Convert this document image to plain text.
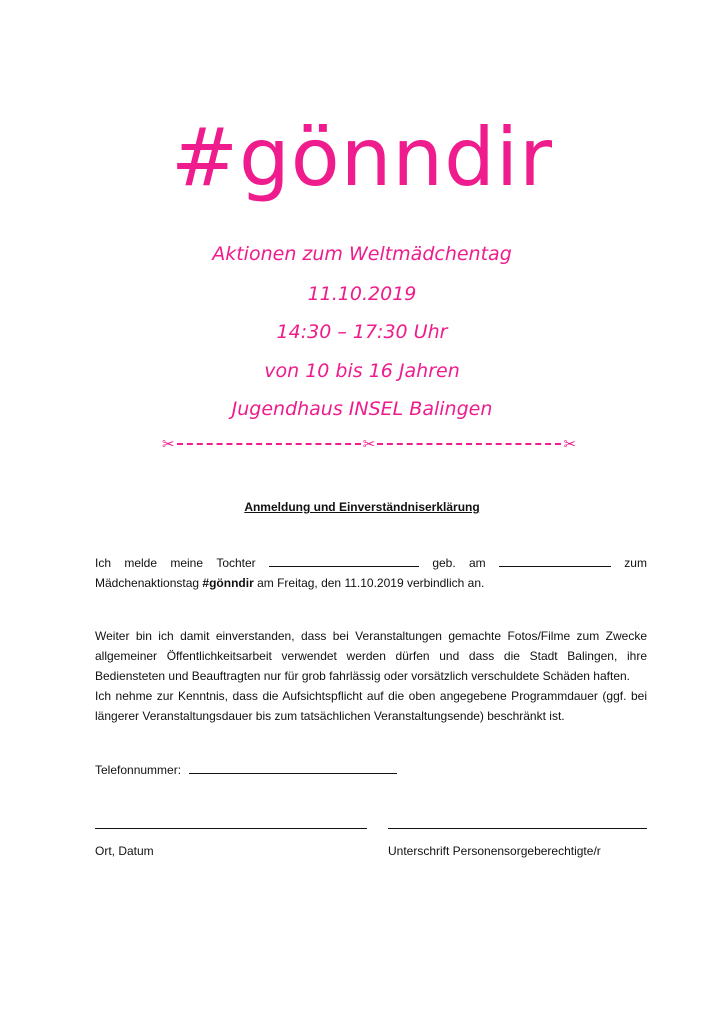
#gönndir
Aktionen zum Weltmädchentag
11.10.2019
14:30 – 17:30 Uhr
von 10 bis 16 Jahren
Jugendhaus INSEL Balingen
✂	✂	✂
Anmeldung und Einverständniserklärung
Ich melde meine Tochter	geb. am	zum
Mädchenaktionstag #gönndir am Freitag, den 11.10.2019 verbindlich an.
Weiter bin ich damit einverstanden, dass bei Veranstaltungen gemachte Fotos/Filme zum Zwecke allgemeiner Öffentlichkeitsarbeit verwendet werden dürfen und dass die Stadt Balingen, ihre Bediensteten und Beauftragten nur für grob fahrlässig oder vorsätzlich verschuldete Schäden haften.
Ich nehme zur Kenntnis, dass die Aufsichtspflicht auf die oben angegebene Programmdauer (ggf. bei längerer Veranstaltungsdauer bis zum tatsächlichen Veranstaltungsende) beschränkt ist.
Telefonnummer:
Ort, Datum	Unterschrift Personensorgeberechtigte/r
